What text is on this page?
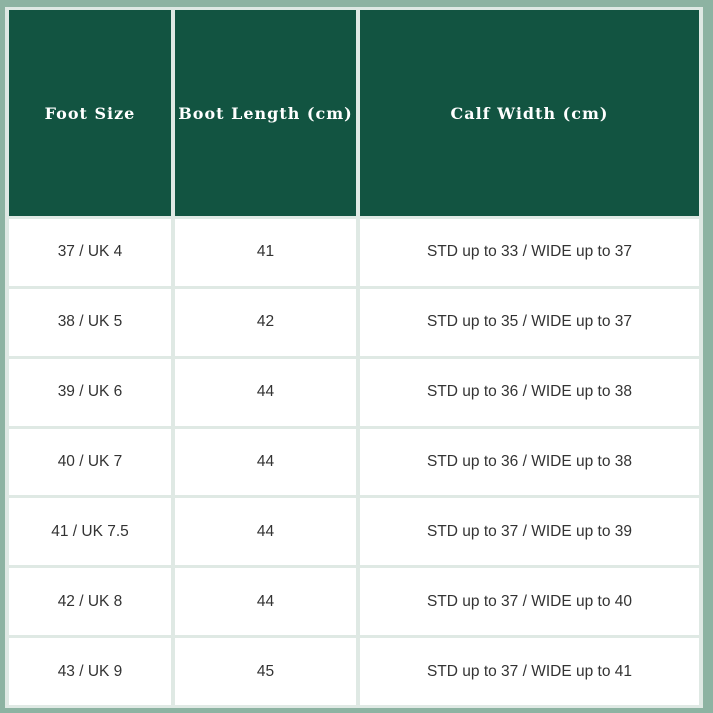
Foot Size	Boot Length (cm)	Calf Width (cm)
37 / UK 4	41	STD up to 33 / WIDE up to 37
38 / UK 5	42	STD up to 35 / WIDE up to 37
39 / UK 6	44	STD up to 36 / WIDE up to 38
40 / UK 7	44	STD up to 36 / WIDE up to 38
41 / UK 7.5	44	STD up to 37 / WIDE up to 39
42 / UK 8	44	STD up to 37 / WIDE up to 40
43 / UK 9	45	STD up to 37 / WIDE up to 41
